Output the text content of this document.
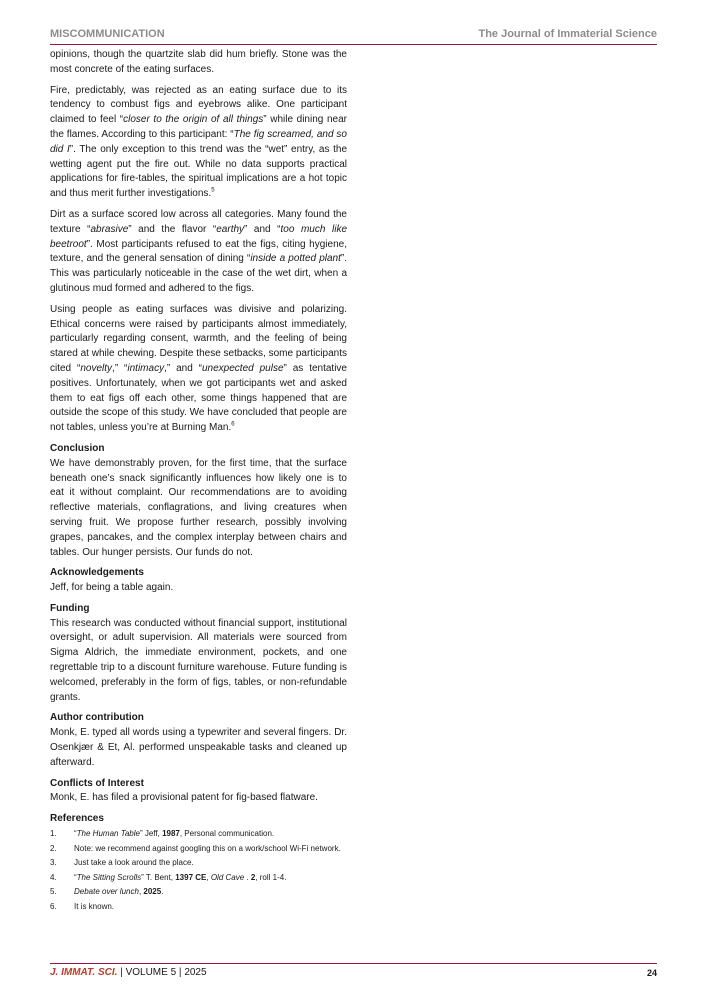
MISCOMMUNICATION	The Journal of Immaterial Science

opinions, though the quartzite slab did hum briefly. Stone was the most concrete of the eating surfaces.

Fire, predictably, was rejected as an eating surface due to its tendency to combust figs and eyebrows alike. One participant claimed to feel “closer to the origin of all things” while dining near the flames. According to this participant: “The fig screamed, and so did I”. The only exception to this trend was the “wet” entry, as the wetting agent put the fire out. While no data supports practical applications for fire-tables, the spiritual implications are a hot topic and thus merit further investigations.$^5$

Dirt as a surface scored low across all categories. Many found the texture “abrasive” and the flavor “earthy” and “too much like beetroot”. Most participants refused to eat the figs, citing hygiene, texture, and the general sensation of dining “inside a potted plant”. This was particularly noticeable in the case of the wet dirt, when a glutinous mud formed and adhered to the figs.

Using people as eating surfaces was divisive and polarizing. Ethical concerns were raised by participants almost immediately, particularly regarding consent, warmth, and the feeling of being stared at while chewing. Despite these setbacks, some participants cited “novelty,” “intimacy,” and “unexpected pulse” as tentative positives. Unfortunately, when we got participants wet and asked them to eat figs off each other, some things happened that are outside the scope of this study. We have concluded that people are not tables, unless you’re at Burning Man.$^6$

Conclusion

We have demonstrably proven, for the first time, that the surface beneath one’s snack significantly influences how likely one is to eat it without complaint. Our recommendations are to avoiding reflective materials, conflagrations, and living creatures when serving fruit. We propose further research, possibly involving grapes, pancakes, and the complex interplay between chairs and tables. Our hunger persists. Our funds do not.

Acknowledgements

Jeff, for being a table again.

Funding

This research was conducted without financial support, institutional oversight, or adult supervision. All materials were sourced from Sigma Aldrich, the immediate environment, pockets, and one regrettable trip to a discount furniture warehouse. Future funding is welcomed, preferably in the form of figs, tables, or non-refundable grants.

Author contribution

Monk, E. typed all words using a typewriter and several fingers. Dr. Osenkjær & Et, Al. performed unspeakable tasks and cleaned up afterward.

Conflicts of Interest

Monk, E. has filed a provisional patent for fig-based flatware.

References
1. “The Human Table” Jeff, 1987, Personal communication.
2. Note: we recommend against googling this on a work/school Wi-Fi network.
3. Just take a look around the place.
4. “The Sitting Scrolls” T. Bent, 1397 CE, Old Cave . 2, roll 1-4.
5. Debate over lunch, 2025.
6. It is known.
J. IMMAT. SCI. | VOLUME 5 | 2025	24
